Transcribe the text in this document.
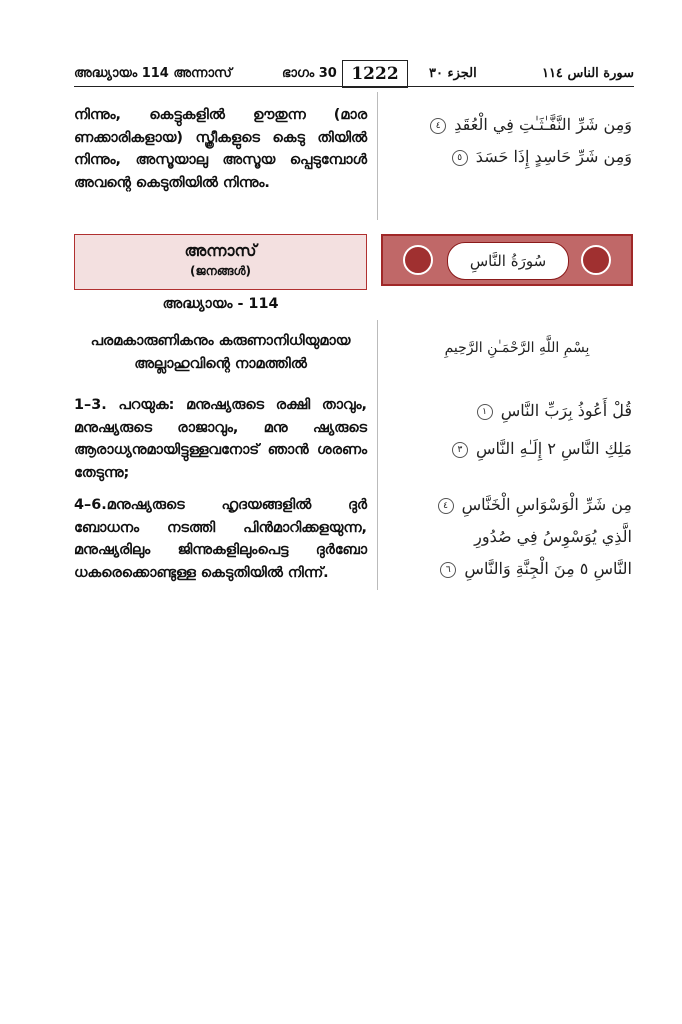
അദ്ധ്യായം 114 അന്നാസ്	ഭാഗം 30 1222	الجزء ٣٠	سورة الناس ١١٤
നിന്നും, കെട്ടുകളിൽ ഊതുന്ന (മാര ണക്കാരികളായ) സ്ത്രീകളുടെ കെടു തിയിൽ നിന്നും, അസൂയാലു അസൂയ പ്പെടുമ്പോൾ അവന്റെ കെടുതിയിൽ നിന്നും.
وَمِن شَرِّ النَّفَّـٰثَـٰتِ فِي الْعُقَدِ ٤
وَمِن شَرِّ حَاسِدٍ إِذَا حَسَدَ ٥
അന്നാസ്
(ജനങ്ങൾ)
അദ്ധ്യായം - 114
سُورَةُ النَّاسِ
പരമകാരുണികനും കരുണാനിധിയുമായ അല്ലാഹുവിന്റെ നാമത്തിൽ
بِسْمِ اللَّهِ الرَّحْمَـٰنِ الرَّحِيمِ
1–3. പറയുക: മനുഷ്യരുടെ രക്ഷി താവും, മനുഷ്യരുടെ രാജാവും, മനു ഷ്യരുടെ ആരാധ്യനുമായിട്ടുള്ളവനോട് ഞാൻ ശരണം തേടുന്നു;
قُلْ أَعُوذُ بِرَبِّ النَّاسِ ١
مَلِكِ النَّاسِ ٢ إِلَـٰهِ النَّاسِ ٣
4–6.മനുഷ്യരുടെ ഹൃദയങ്ങളിൽ ദുർ ബോധനം നടത്തി പിൻമാറിക്കളയുന്ന, മനുഷ്യരിലും ജിന്നുകളിലുംപെട്ട ദുർബോ ധകരെക്കൊണ്ടുള്ള കെടുതിയിൽ നിന്ന്.
مِن شَرِّ الْوَسْوَاسِ الْخَنَّاسِ ٤
الَّذِي يُوَسْوِسُ فِي صُدُورِ
النَّاسِ ٥ مِنَ الْجِنَّةِ وَالنَّاسِ ٦
